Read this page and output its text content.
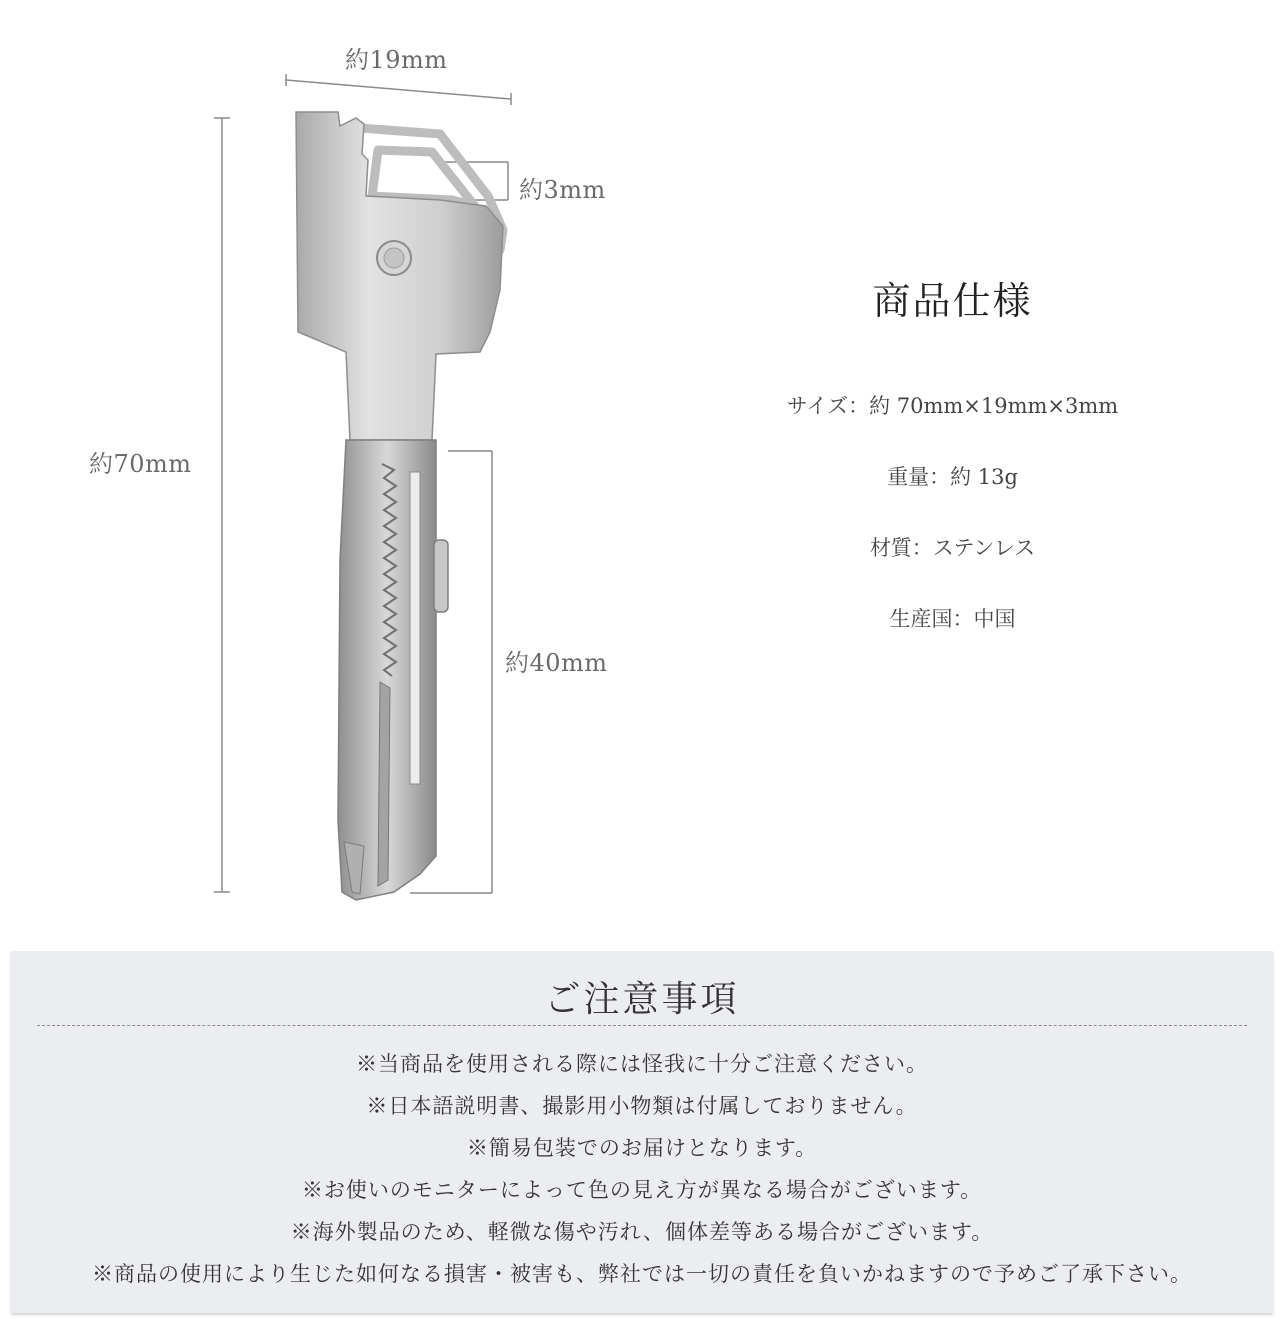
約19mm
約3mm
約70mm
約40mm
商品仕様

サイズ：約 70mm×19mm×3mm

重量：約 13g

材質：ステンレス

生産国：中国

ご注意事項
※当商品を使用される際には怪我に十分ご注意ください。
※日本語説明書、撮影用小物類は付属しておりません。
※簡易包装でのお届けとなります。
※お使いのモニターによって色の見え方が異なる場合がございます。
※海外製品のため、軽微な傷や汚れ、個体差等ある場合がございます。
※商品の使用により生じた如何なる損害・被害も、弊社では一切の責任を負いかねますので予めご了承下さい。
